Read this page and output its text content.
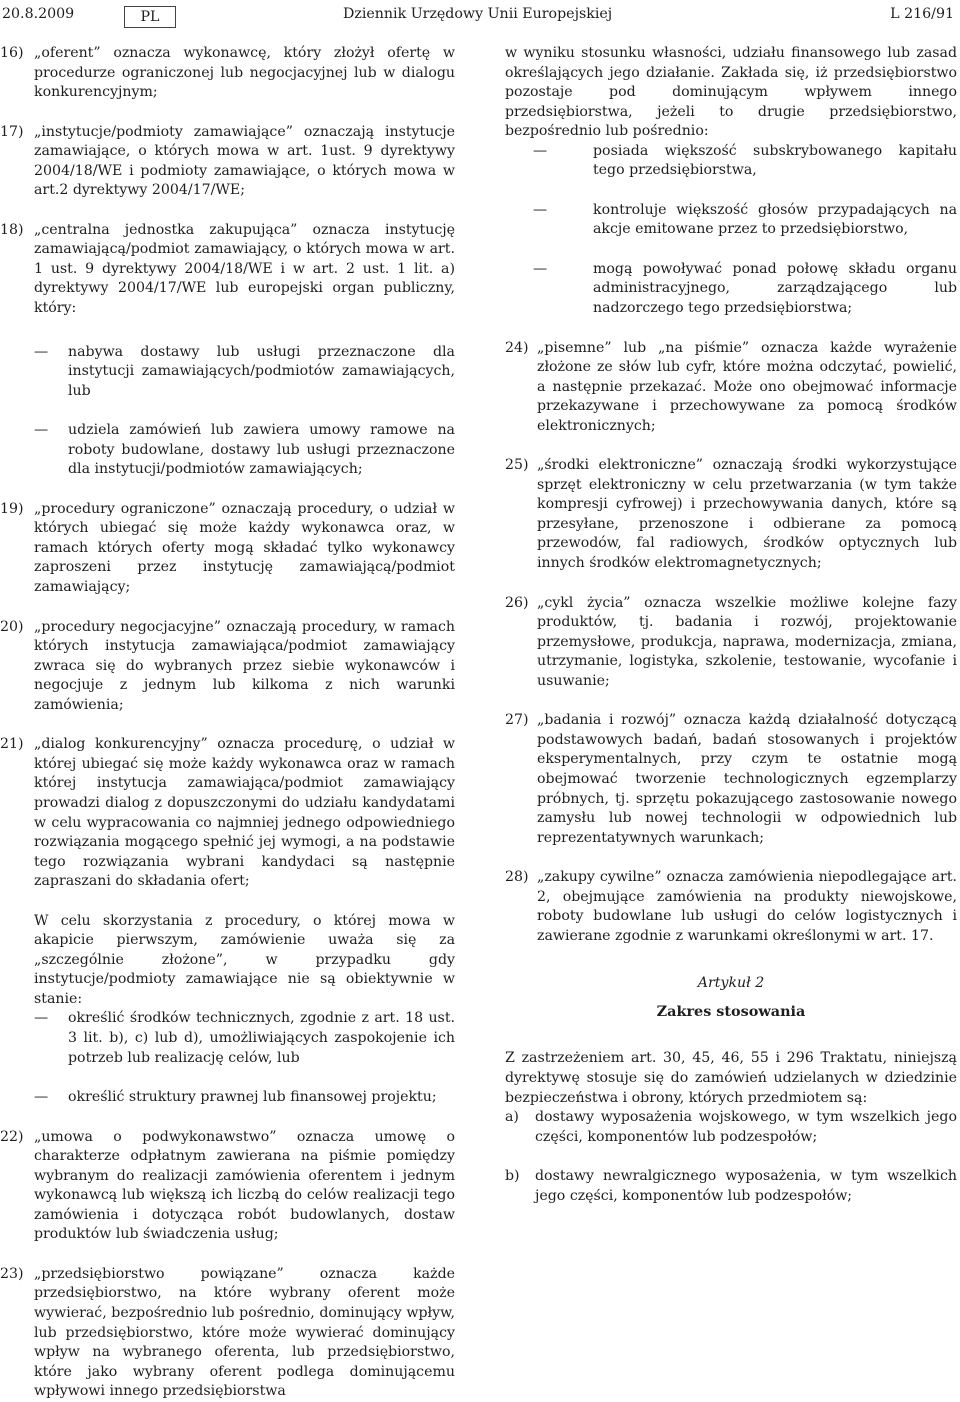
20.8.2009	PL	Dziennik Urzędowy Unii Europejskiej	L 216/91
16) „oferent” oznacza wykonawcę, który złożył ofertę w procedurze ograniczonej lub negocjacyjnej lub w dialogu konkurencyjnym;
17) „instytucje/podmioty zamawiające” oznaczają instytucje zamawiające, o których mowa w art. 1ust. 9 dyrektywy 2004/18/WE i podmioty zamawiające, o których mowa w art.2 dyrektywy 2004/17/WE;
18) „centralna jednostka zakupująca” oznacza instytucję zamawiającą/podmiot zamawiający, o których mowa w art. 1 ust. 9 dyrektywy 2004/18/WE i w art. 2 ust. 1 lit. a) dyrektywy 2004/17/WE lub europejski organ publiczny, który:
—	nabywa dostawy lub usługi przeznaczone dla instytucji zamawiających/podmiotów zamawiających, lub
—	udziela zamówień lub zawiera umowy ramowe na roboty budowlane, dostawy lub usługi przeznaczone dla instytucji/podmiotów zamawiających;
19) „procedury ograniczone” oznaczają procedury, o udział w których ubiegać się może każdy wykonawca oraz, w ramach których oferty mogą składać tylko wykonawcy zaproszeni przez instytucję zamawiającą/podmiot zamawiający;
20) „procedury negocjacyjne” oznaczają procedury, w ramach których instytucja zamawiająca/podmiot zamawiający zwraca się do wybranych przez siebie wykonawców i negocjuje z jednym lub kilkoma z nich warunki zamówienia;
21) „dialog konkurencyjny” oznacza procedurę, o udział w której ubiegać się może każdy wykonawca oraz w ramach której instytucja zamawiająca/podmiot zamawiający prowadzi dialog z dopuszczonymi do udziału kandydatami w celu wypracowania co najmniej jednego odpowiedniego rozwiązania mogącego spełnić jej wymogi, a na podstawie tego rozwiązania wybrani kandydaci są następnie zapraszani do składania ofert;

W celu skorzystania z procedury, o której mowa w akapicie pierwszym, zamówienie uważa się za „szczególnie złożone”, w przypadku gdy instytucje/podmioty zamawiające nie są obiektywnie w stanie:

—	określić środków technicznych, zgodnie z art. 18 ust. 3 lit. b), c) lub d), umożliwiających zaspokojenie ich potrzeb lub realizację celów, lub
—	określić struktury prawnej lub finansowej projektu;
22) „umowa o podwykonawstwo” oznacza umowę o charakterze odpłatnym zawierana na piśmie pomiędzy wybranym do realizacji zamówienia oferentem i jednym wykonawcą lub większą ich liczbą do celów realizacji tego zamówienia i dotycząca robót budowlanych, dostaw produktów lub świadczenia usług;
23) „przedsiębiorstwo powiązane” oznacza każde przedsiębiorstwo, na które wybrany oferent może wywierać, bezpośrednio lub pośrednio, dominujący wpływ, lub przedsiębiorstwo, które może wywierać dominujący wpływ na wybranego oferenta, lub przedsiębiorstwo, które jako wybrany oferent podlega dominującemu wpływowi innego przedsiębiorstwa

w wyniku stosunku własności, udziału finansowego lub zasad określających jego działanie. Zakłada się, iż przedsiębiorstwo pozostaje pod dominującym wpływem innego przedsiębiorstwa, jeżeli to drugie przedsiębiorstwo, bezpośrednio lub pośrednio:

—	posiada większość subskrybowanego kapitału tego przedsiębiorstwa,
—	kontroluje większość głosów przypadających na akcje emitowane przez to przedsiębiorstwo,
—	mogą powoływać ponad połowę składu organu administracyjnego, zarządzającego lub nadzorczego tego przedsiębiorstwa;
24) „pisemne” lub „na piśmie” oznacza każde wyrażenie złożone ze słów lub cyfr, które można odczytać, powielić, a następnie przekazać. Może ono obejmować informacje przekazywane i przechowywane za pomocą środków elektronicznych;
25) „środki elektroniczne” oznaczają środki wykorzystujące sprzęt elektroniczny w celu przetwarzania (w tym także kompresji cyfrowej) i przechowywania danych, które są przesyłane, przenoszone i odbierane za pomocą przewodów, fal radiowych, środków optycznych lub innych środków elektromagnetycznych;
26) „cykl życia” oznacza wszelkie możliwe kolejne fazy produktów, tj. badania i rozwój, projektowanie przemysłowe, produkcja, naprawa, modernizacja, zmiana, utrzymanie, logistyka, szkolenie, testowanie, wycofanie i usuwanie;
27) „badania i rozwój” oznacza każdą działalność dotyczącą podstawowych badań, badań stosowanych i projektów eksperymentalnych, przy czym te ostatnie mogą obejmować tworzenie technologicznych egzemplarzy próbnych, tj. sprzętu pokazującego zastosowanie nowego zamysłu lub nowej technologii w odpowiednich lub reprezentatywnych warunkach;
28) „zakupy cywilne” oznacza zamówienia niepodlegające art. 2, obejmujące zamówienia na produkty niewojskowe, roboty budowlane lub usługi do celów logistycznych i zawierane zgodnie z warunkami określonymi w art. 17.
Artykuł 2
Zakres stosowania

Z zastrzeżeniem art. 30, 45, 46, 55 i 296 Traktatu, niniejszą dyrektywę stosuje się do zamówień udzielanych w dziedzinie bezpieczeństwa i obrony, których przedmiotem są:

a)	dostawy wyposażenia wojskowego, w tym wszelkich jego części, komponentów lub podzespołów;
b)	dostawy newralgicznego wyposażenia, w tym wszelkich jego części, komponentów lub podzespołów;
